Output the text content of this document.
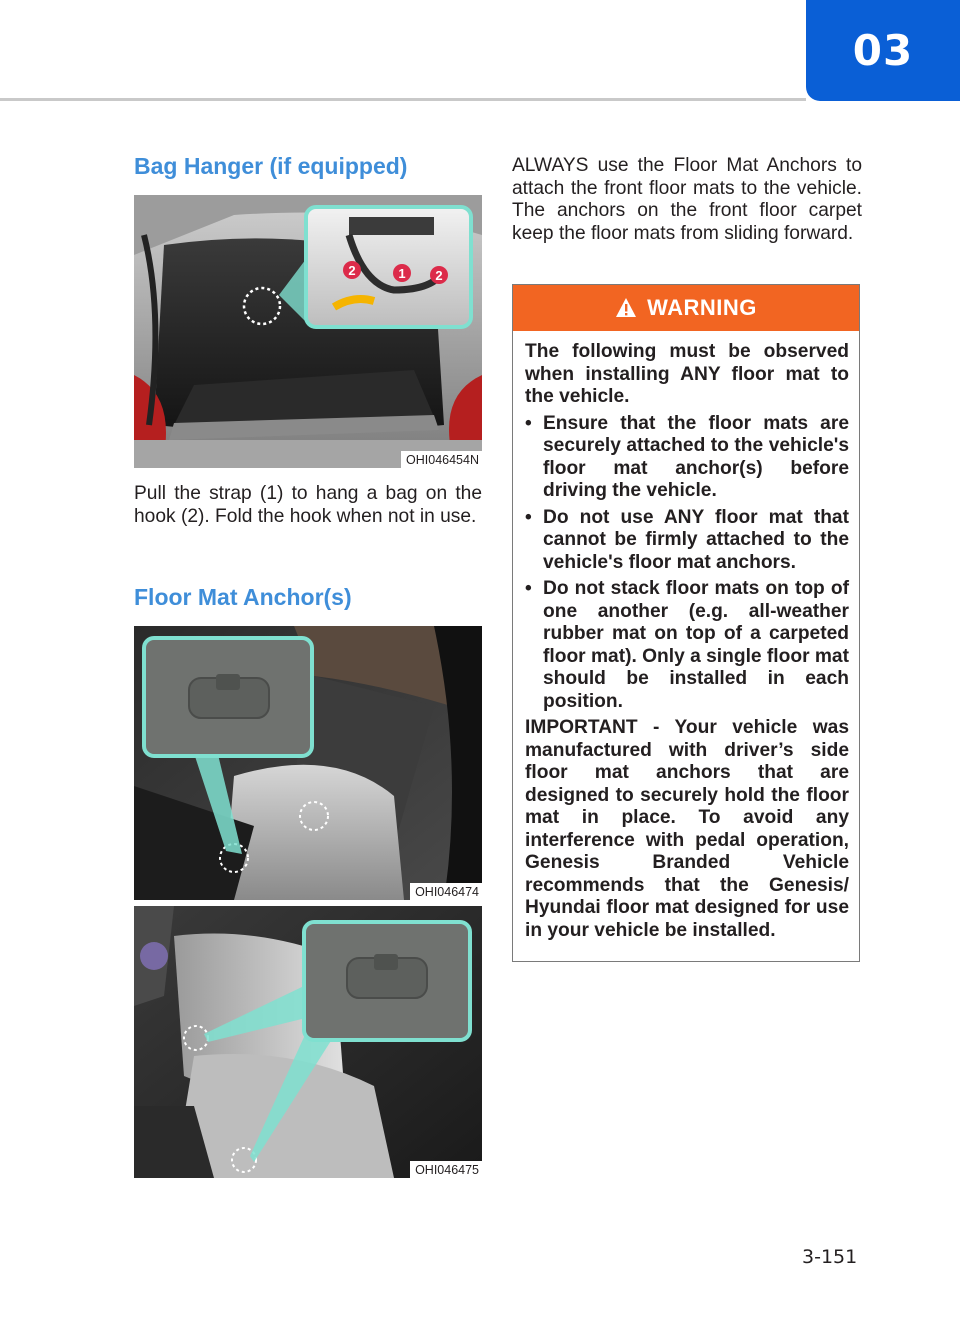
03
Bag Hanger (if equipped)
2	1 2
OHI046454N
Pull the strap (1) to hang a bag on the hook (2). Fold the hook when not in use.
Floor Mat Anchor(s)
OHI046474
OHI046475
ALWAYS use the Floor Mat Anchors to attach the front floor mats to the vehicle. The anchors on the front floor carpet keep the floor mats from sliding forward.
WARNING

The following must be observed when installing ANY floor mat to the vehicle.

• Ensure that the floor mats are securely attached to the vehicle's floor mat anchor(s) before driving the vehicle.
• Do not use ANY floor mat that cannot be firmly attached to the vehicle's floor mat anchors.
• Do not stack floor mats on top of one another (e.g. all-weather rubber mat on top of a carpeted floor mat). Only a single floor mat should be installed in each position.

IMPORTANT - Your vehicle was manufactured with driver’s side floor mat anchors that are designed to securely hold the floor mat in place. To avoid any interference with pedal operation, Genesis Branded Vehicle recommends that the Genesis/ Hyundai floor mat designed for use in your vehicle be installed.

3-151
